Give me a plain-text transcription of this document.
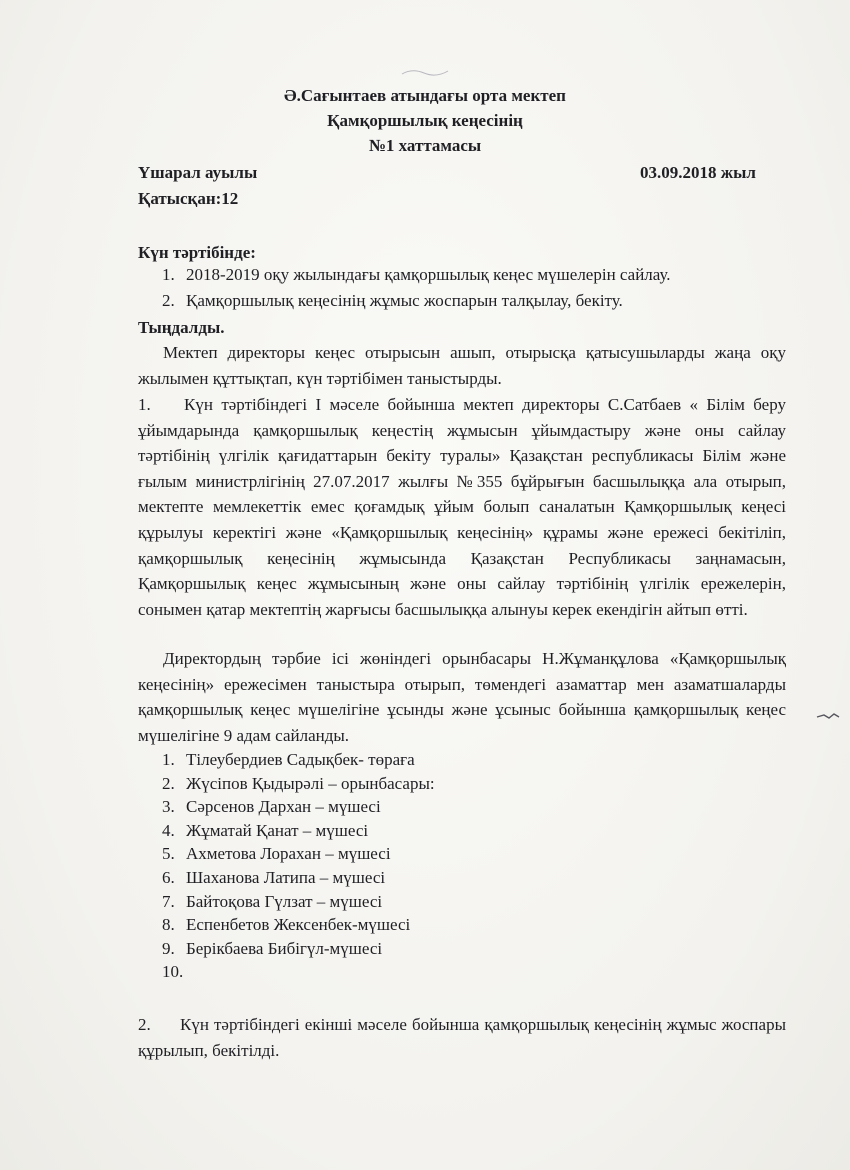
Ә.Сағынтаев атындағы орта мектеп
Қамқоршылық кеңесінің
№1 хаттамасы
Үшарал ауылы	03.09.2018 жыл
Қатысқан:12
Күн тәртібінде:
1. 2018-2019 оқу жылындағы қамқоршылық кеңес мүшелерін сайлау.
2. Қамқоршылық кеңесінің жұмыс жоспарын талқылау, бекіту.
Тыңдалды.
Мектеп директоры кеңес отырысын ашып, отырысқа қатысушыларды жаңа оқу жылымен құттықтап, күн тәртібімен таныстырды.
1. Күн тәртібіндегі І мәселе бойынша мектеп директоры С.Сатбаев « Білім беру ұйымдарында қамқоршылық кеңестің жұмысын ұйымдастыру және оны сайлау тәртібінің үлгілік қағидаттарын бекіту туралы» Қазақстан республикасы Білім және ғылым министрлігінің 27.07.2017 жылғы №355 бұйрығын басшылыққа ала отырып, мектепте мемлекеттік емес қоғамдық ұйым болып саналатын Қамқоршылық кеңесі құрылуы керектігі және «Қамқоршылық кеңесінің» құрамы және ережесі бекітіліп, қамқоршылық кеңесінің жұмысында Қазақстан Республикасы заңнамасын, Қамқоршылық кеңес жұмысының және оны сайлау тәртібінің үлгілік ережелерін, сонымен қатар мектептің жарғысы басшылыққа алынуы керек екендігін айтып өтті.
Директордың тәрбие ісі жөніндегі орынбасары Н.Жұманқұлова «Қамқоршылық кеңесінің» ережесімен таныстыра отырып, төмендегі азаматтар мен азаматшаларды қамқоршылық кеңес мүшелігіне ұсынды және ұсыныс бойынша қамқоршылық кеңес мүшелігіне 9 адам сайланды.
1. Тілеубердиев Садықбек- төраға
2. Жүсіпов Қыдырәлі – орынбасары:
3. Сәрсенов Дархан – мүшесі
4. Жұматай Қанат – мүшесі
5. Ахметова Лорахан – мүшесі
6. Шаханова Латипа – мүшесі
7. Байтоқова Гүлзат – мүшесі
8. Еспенбетов Жексенбек-мүшесі
9. Берікбаева Бибігүл-мүшесі
10.
2. Күн тәртібіндегі екінші мәселе бойынша қамқоршылық кеңесінің жұмыс жоспары құрылып, бекітілді.
